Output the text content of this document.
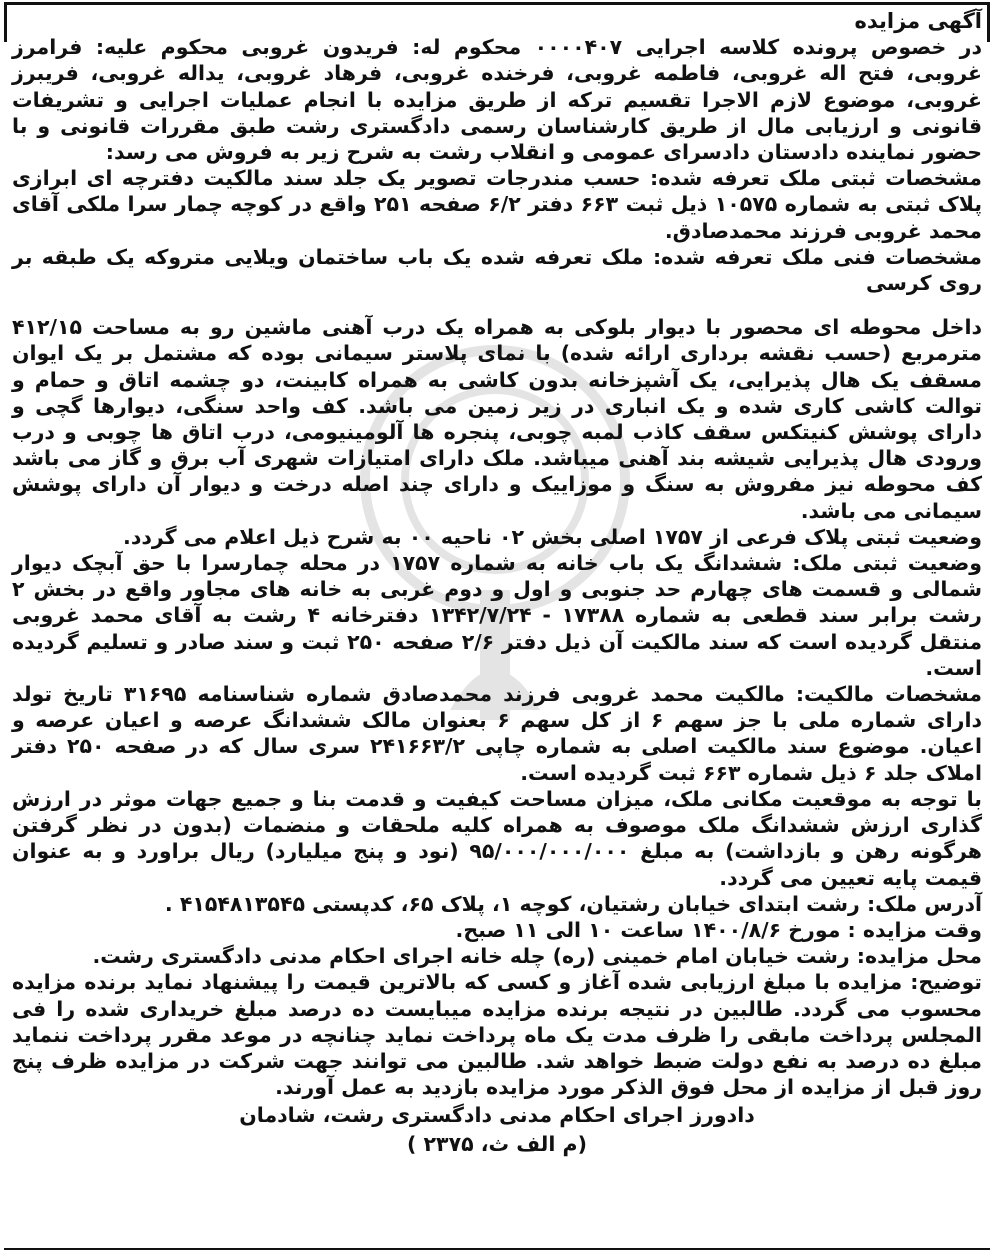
آگهی مزایده

در خصوص پرونده کلاسه اجرایی ۰۰۰۰۴۰۷ محکوم له: فریدون غروبی محکوم علیه: فرامرز غروبی، فتح اله غروبی، فاطمه غروبی، فرخنده غروبی، فرهاد غروبی، یداله غروبی، فریبرز غروبی، موضوع لازم الاجرا تقسیم ترکه از طریق مزایده با انجام عملیات اجرایی و تشریفات قانونی و ارزیابی مال از طریق کارشناسان رسمی دادگستری رشت طبق مقررات قانونی و با حضور نماینده دادستان دادسرای عمومی و انقلاب رشت به شرح زیر به فروش می رسد:

مشخصات ثبتی ملک تعرفه شده: حسب مندرجات تصویر یک جلد سند مالکیت دفترچه ای ابرازی پلاک ثبتی به شماره ۱۰۵۷۵ ذیل ثبت ۶۶۳ دفتر ۶/۲ صفحه ۲۵۱ واقع در کوچه چمار سرا ملکی آقای محمد غروبی فرزند محمدصادق.

مشخصات فنی ملک تعرفه شده: ملک تعرفه شده یک باب ساختمان ویلایی متروکه یک طبقه بر روی کرسی

داخل محوطه ای محصور با دیوار بلوکی به همراه یک درب آهنی ماشین رو به مساحت ۴۱۲/۱۵ مترمربع (حسب نقشه برداری ارائه شده) با نمای پلاستر سیمانی بوده که مشتمل بر یک ایوان مسقف یک هال پذیرایی، یک آشپزخانه بدون کاشی به همراه کابینت، دو چشمه اتاق و حمام و توالت کاشی کاری شده و یک انباری در زیر زمین می باشد. کف واحد سنگی، دیوارها گچی و دارای پوشش کنیتکس سقف کاذب لمبه چوبی، پنجره ها آلومینیومی، درب اتاق ها چوبی و درب ورودی هال پذیرایی شیشه بند آهنی میباشد. ملک دارای امتیازات شهری آب برق و گاز می باشد کف محوطه نیز مفروش به سنگ و موزاییک و دارای چند اصله درخت و دیوار آن دارای پوشش سیمانی می باشد.

وضعیت ثبتی پلاک فرعی از ۱۷۵۷ اصلی بخش ۰۲ ناحیه ۰۰ به شرح ذیل اعلام می گردد.

وضعیت ثبتی ملک: ششدانگ یک باب خانه به شماره ۱۷۵۷ در محله چمارسرا با حق آبچک دیوار شمالی و قسمت های چهارم حد جنوبی و اول و دوم غربی به خانه های مجاور واقع در بخش ۲ رشت برابر سند قطعی به شماره ۱۷۳۸۸ - ۱۳۴۲/۷/۲۴ دفترخانه ۴ رشت به آقای محمد غروبی منتقل گردیده است که سند مالکیت آن ذیل دفتر ۲/۶ صفحه ۲۵۰ ثبت و سند صادر و تسلیم گردیده است.

مشخصات مالکیت: مالکیت محمد غروبی فرزند محمدصادق شماره شناسنامه ۳۱۶۹۵ تاریخ تولد دارای شماره ملی با جز سهم ۶ از کل سهم ۶ بعنوان مالک ششدانگ عرصه و اعیان عرصه و اعیان. موضوع سند مالکیت اصلی به شماره چاپی ۲۴۱۶۶۳/۲ سری سال که در صفحه ۲۵۰ دفتر املاک جلد ۶ ذیل شماره ۶۶۳ ثبت گردیده است.

با توجه به موقعیت مکانی ملک، میزان مساحت کیفیت و قدمت بنا و جمیع جهات موثر در ارزش گذاری ارزش ششدانگ ملک موصوف به همراه کلیه ملحقات و منضمات (بدون در نظر گرفتن هرگونه رهن و بازداشت) به مبلغ ۹۵/۰۰۰/۰۰۰/۰۰۰ (نود و پنج میلیارد) ریال براورد و به عنوان قیمت پایه تعیین می گردد.

آدرس ملک: رشت ابتدای خیابان رشتیان، کوچه ۱، پلاک ۶۵، کدپستی ۴۱۵۴۸۱۳۵۴۵ .

وقت مزایده : مورخ ۱۴۰۰/۸/۶ ساعت ۱۰ الی ۱۱ صبح.

محل مزایده: رشت خیابان امام خمینی (ره) چله خانه اجرای احکام مدنی دادگستری رشت.

توضیح: مزایده با مبلغ ارزیابی شده آغاز و کسی که بالاترین قیمت را پیشنهاد نماید برنده مزایده محسوب می گردد. طالبین در نتیجه برنده مزایده میبایست ده درصد مبلغ خریداری شده را فی المجلس پرداخت مابقی را ظرف مدت یک ماه پرداخت نماید چنانچه در موعد مقرر پرداخت ننماید مبلغ ده درصد به نفع دولت ضبط خواهد شد. طالبین می توانند جهت شرکت در مزایده ظرف پنج روز قبل از مزایده از محل فوق الذکر مورد مزایده بازدید به عمل آورند.

دادورز اجرای احکام مدنی دادگستری رشت، شادمان

(م الف ث، ۲۳۷۵ )
